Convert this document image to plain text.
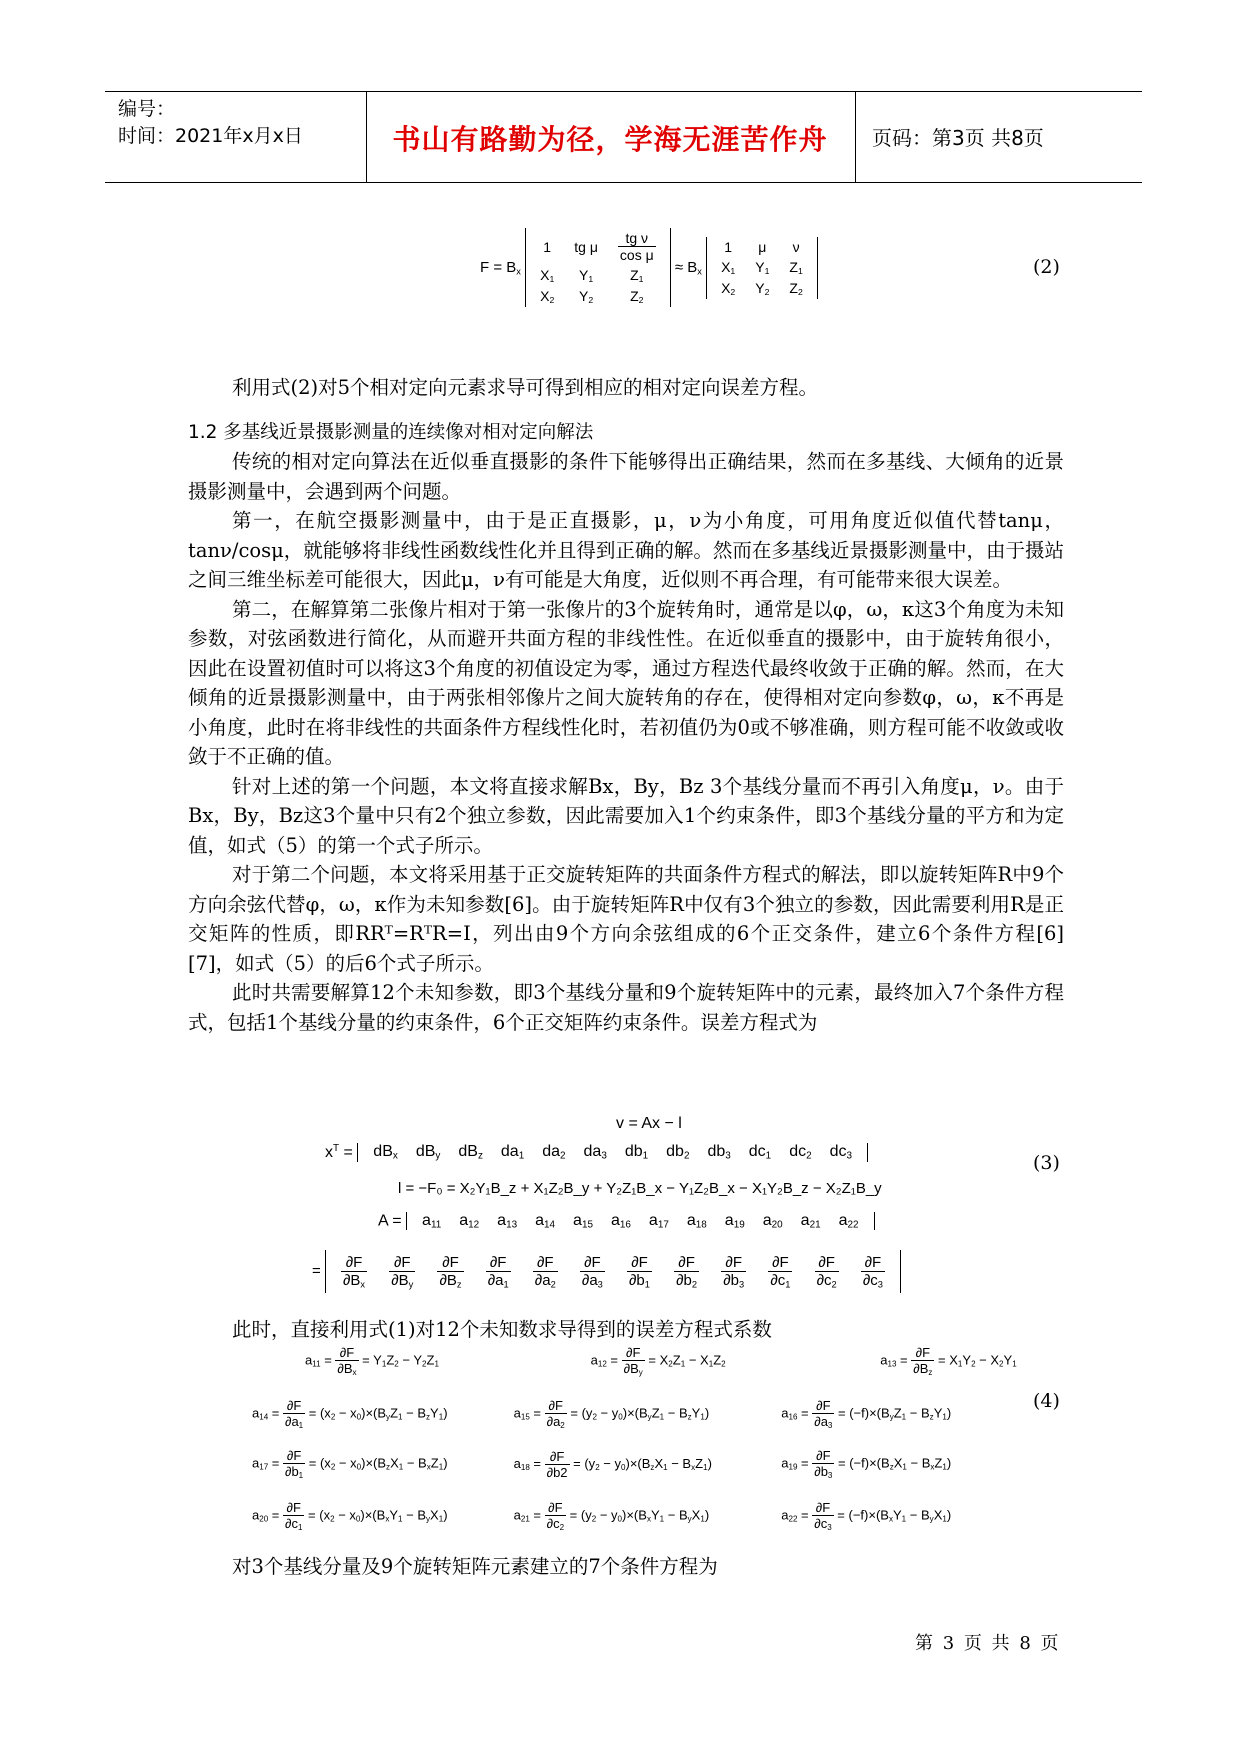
编号：
时间：2021年x月x日	书山有路勤为径，学海无涯苦作舟	页码：第3页 共8页
$F = B_x$
1	tg μ	$\frac{\text{tg ν}}{\text{cos μ}}$

$X_1$	$Y_1$	$Z_1$
$X_2$	$Y_2$	$Z_2$
≈ $B_x$
1	μ	ν
$X_1$	$Y_1$	$Z_1$
$X_2$	$Y_2$	$Z_2$
(2)

利用式(2)对5个相对定向元素求导可得到相应的相对定向误差方程。

1.2 多基线近景摄影测量的连续像对相对定向解法

传统的相对定向算法在近似垂直摄影的条件下能够得出正确结果，然而在多基线、大倾角的近景摄影测量中，会遇到两个问题。

第一，在航空摄影测量中，由于是正直摄影，μ，ν为小角度，可用角度近似值代替tanμ，tanν/cosμ，就能够将非线性函数线性化并且得到正确的解。然而在多基线近景摄影测量中，由于摄站之间三维坐标差可能很大，因此μ，ν有可能是大角度，近似则不再合理，有可能带来很大误差。

第二，在解算第二张像片相对于第一张像片的3个旋转角时，通常是以φ，ω，κ这3个角度为未知参数，对弦函数进行简化，从而避开共面方程的非线性性。在近似垂直的摄影中，由于旋转角很小，因此在设置初值时可以将这3个角度的初值设定为零，通过方程迭代最终收敛于正确的解。然而，在大倾角的近景摄影测量中，由于两张相邻像片之间大旋转角的存在，使得相对定向参数φ，ω，κ不再是小角度，此时在将非线性的共面条件方程线性化时，若初值仍为0或不够准确，则方程可能不收敛或收敛于不正确的值。

针对上述的第一个问题，本文将直接求解Bx，By，Bz 3个基线分量而不再引入角度μ，ν。由于Bx，By，Bz这3个量中只有2个独立参数，因此需要加入1个约束条件，即3个基线分量的平方和为定值，如式（5）的第一个式子所示。

对于第二个问题，本文将采用基于正交旋转矩阵的共面条件方程式的解法，即以旋转矩阵R中9个方向余弦代替φ，ω，κ作为未知参数[6]。由于旋转矩阵R中仅有3个独立的参数，因此需要利用R是正交矩阵的性质，即RRᵀ=RᵀR=I，列出由9个方向余弦组成的6个正交条件，建立6个条件方程[6] [7]，如式（5）的后6个式子所示。

此时共需要解算12个未知参数，即3个基线分量和9个旋转矩阵中的元素，最终加入7个条件方程式，包括1个基线分量的约束条件，6个正交矩阵约束条件。误差方程式为

v = Ax − l
$x^T = dB_x$ $dB_y$ $dB_z$ $da_1$ $da_2$ $da_3$ $db_1$ $db_2$ $db_3$ $dc_1$ $dc_2$ $dc_3$	(3)
l = −F₀ = X₂Y₁B_z + X₁Z₂B_y + Y₂Z₁B_x − Y₁Z₂B_x − X₁Y₂B_z − X₂Z₁B_y
$A = a_{11}$ $a_{12}$ $a_{13}$ $a_{14}$ $a_{15}$ $a_{16}$ $a_{17}$ $a_{18}$ $a_{19}$ $a_{20}$ $a_{21}$ $a_{22}$
= $\frac{\partial F}{\partial B_x}$
$\frac{\partial F}{\partial B_y}$
$\frac{\partial F}{\partial B_z}$
$\frac{\partial F}{\partial a_1}$
$\frac{\partial F}{\partial a_2}$
$\frac{\partial F}{\partial a_3}$
$\frac{\partial F}{\partial b_1}$
$\frac{\partial F}{\partial b_2}$
$\frac{\partial F}{\partial b_3}$
$\frac{\partial F}{\partial c_1}$
$\frac{\partial F}{\partial c_2}$
$\frac{\partial F}{\partial c_3}$

此时，直接利用式(1)对12个未知数求导得到的误差方程式系数

$a_{11} = \frac{\partial F}{\partial B_x} = Y_1Z_2 - Y_2Z_1$	$a_{12} = \frac{\partial F}{\partial B_y} = X_2Z_1 - X_1Z_2$	$a_{13} = \frac{\partial F}{\partial B_z} = X_1Y_2 - X_2Y_1$
$a_{14} = \frac{\partial F}{\partial a_1} = (x_2 - x_0)\times(B_yZ_1 - B_zY_1)$	$a_{15} = \frac{\partial F}{\partial a_2} = (y_2 - y_0)\times(B_yZ_1 - B_zY_1)$	$a_{16} = \frac{\partial F}{\partial a_3} = (-f)\times(B_yZ_1 - B_zY_1)$
(4)
$a_{17} = \frac{\partial F}{\partial b_1} = (x_2 - x_0)\times(B_zX_1 - B_xZ_1)$	$a_{18} = \frac{\partial F}{\partial b2} = (y_2 - y_0)\times(B_zX_1 - B_xZ_1)$	$a_{19} = \frac{\partial F}{\partial b_3} = (-f)\times(B_zX_1 - B_xZ_1)$
$a_{20} = \frac{\partial F}{\partial c_1} = (x_2 - x_0)\times(B_xY_1 - B_yX_1)$	$a_{21} = \frac{\partial F}{\partial c_2} = (y_2 - y_0)\times(B_xY_1 - B_yX_1)$	$a_{22} = \frac{\partial F}{\partial c_3} = (-f)\times(B_xY_1 - B_yX_1)$

对3个基线分量及9个旋转矩阵元素建立的7个条件方程为

第 3 页 共 8 页
